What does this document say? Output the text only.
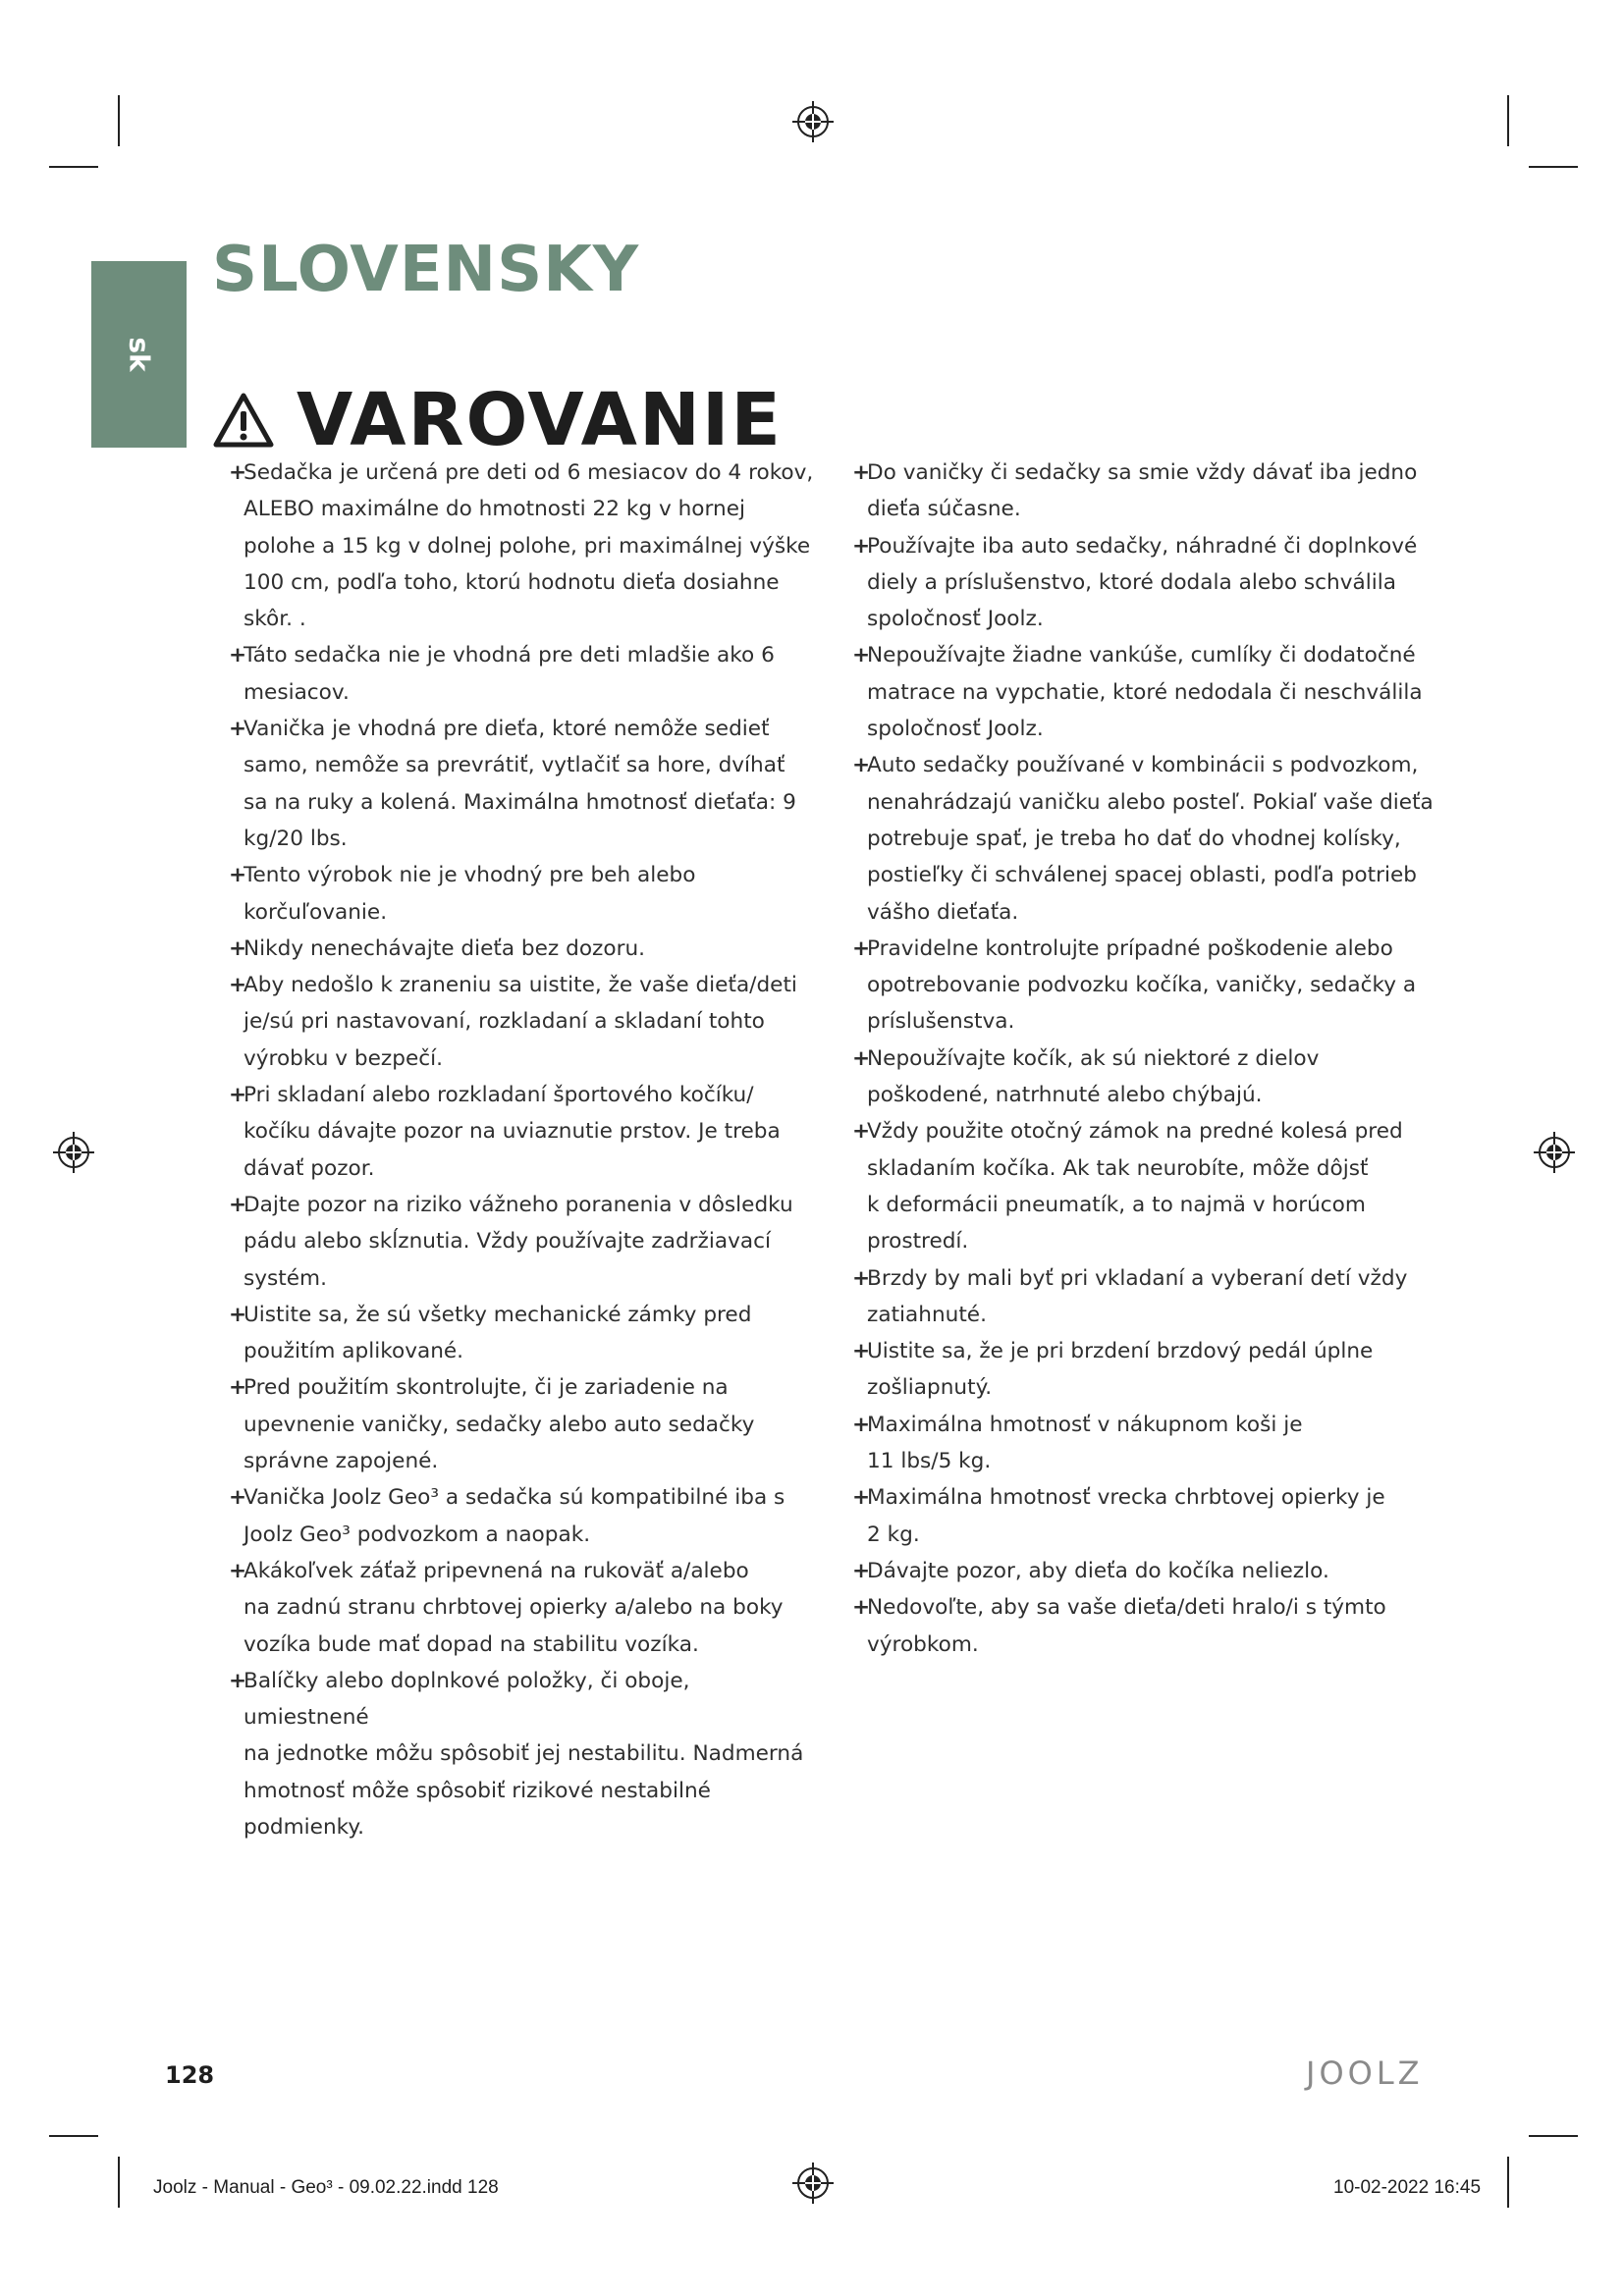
sk
SLOVENSKY
VAROVANIE
+
Sedačka je určená pre deti od 6 mesiacov do 4 rokov,
ALEBO maximálne do hmotnosti 22 kg v hornej
polohe a 15 kg v dolnej polohe, pri maximálnej výške
100 cm, podľa toho, ktorú hodnotu dieťa dosiahne
skôr. .
+
Táto sedačka nie je vhodná pre deti mladšie ako 6
mesiacov.
+
Vanička je vhodná pre dieťa, ktoré nemôže sedieť
samo, nemôže sa prevrátiť, vytlačiť sa hore, dvíhať
sa na ruky a kolená. Maximálna hmotnosť dieťaťa: 9
kg/20 lbs.
+
Tento výrobok nie je vhodný pre beh alebo
korčuľovanie.
+
Nikdy nenechávajte dieťa bez dozoru.
+
Aby nedošlo k zraneniu sa uistite, že vaše dieťa/deti
je/sú pri nastavovaní, rozkladaní a skladaní tohto
výrobku v bezpečí.
+
Pri skladaní alebo rozkladaní športového kočíku/
kočíku dávajte pozor na uviaznutie prstov. Je treba
dávať pozor.
+
Dajte pozor na riziko vážneho poranenia v dôsledku
pádu alebo skĺznutia. Vždy používajte zadržiavací
systém.
+
Uistite sa, že sú všetky mechanické zámky pred
použitím aplikované.
+
Pred použitím skontrolujte, či je zariadenie na
upevnenie vaničky, sedačky alebo auto sedačky
správne zapojené.
+
Vanička Joolz Geo³ a sedačka sú kompatibilné iba s
Joolz Geo³ podvozkom a naopak.
+
Akákoľvek záťaž pripevnená na rukoväť a/alebo
na zadnú stranu chrbtovej opierky a/alebo na boky
vozíka bude mať dopad na stabilitu vozíka.
+
Balíčky alebo doplnkové položky, či oboje, umiestnené
na jednotke môžu spôsobiť jej nestabilitu. Nadmerná
hmotnosť môže spôsobiť rizikové nestabilné
podmienky.
+
Do vaničky či sedačky sa smie vždy dávať iba jedno
dieťa súčasne.
+
Používajte iba auto sedačky, náhradné či doplnkové
diely a príslušenstvo, ktoré dodala alebo schválila
spoločnosť Joolz.
+
Nepoužívajte žiadne vankúše, cumlíky či dodatočné
matrace na vypchatie, ktoré nedodala či neschválila
spoločnosť Joolz.
+
Auto sedačky používané v kombinácii s podvozkom,
nenahrádzajú vaničku alebo posteľ. Pokiaľ vaše dieťa
potrebuje spať, je treba ho dať do vhodnej kolísky,
postieľky či schválenej spacej oblasti, podľa potrieb
vášho dieťaťa.
+
Pravidelne kontrolujte prípadné poškodenie alebo
opotrebovanie podvozku kočíka, vaničky, sedačky a
príslušenstva.
+
Nepoužívajte kočík, ak sú niektoré z dielov
poškodené, natrhnuté alebo chýbajú.
+
Vždy použite otočný zámok na predné kolesá pred
skladaním kočíka. Ak tak neurobíte, môže dôjsť
k deformácii pneumatík, a to najmä v horúcom
prostredí.
+
Brzdy by mali byť pri vkladaní a vyberaní detí vždy
zatiahnuté.
+
Uistite sa, že je pri brzdení brzdový pedál úplne
zošliapnutý.
+
Maximálna hmotnosť v nákupnom koši je
11 lbs/5 kg.
+
Maximálna hmotnosť vrecka chrbtovej opierky je
2 kg.
+
Dávajte pozor, aby dieťa do kočíka neliezlo.
+
Nedovoľte, aby sa vaše dieťa/deti hralo/i s týmto
výrobkom.
128	JOOLZ
Joolz - Manual - Geo³ - 09.02.22.indd 128	10-02-2022 16:45
